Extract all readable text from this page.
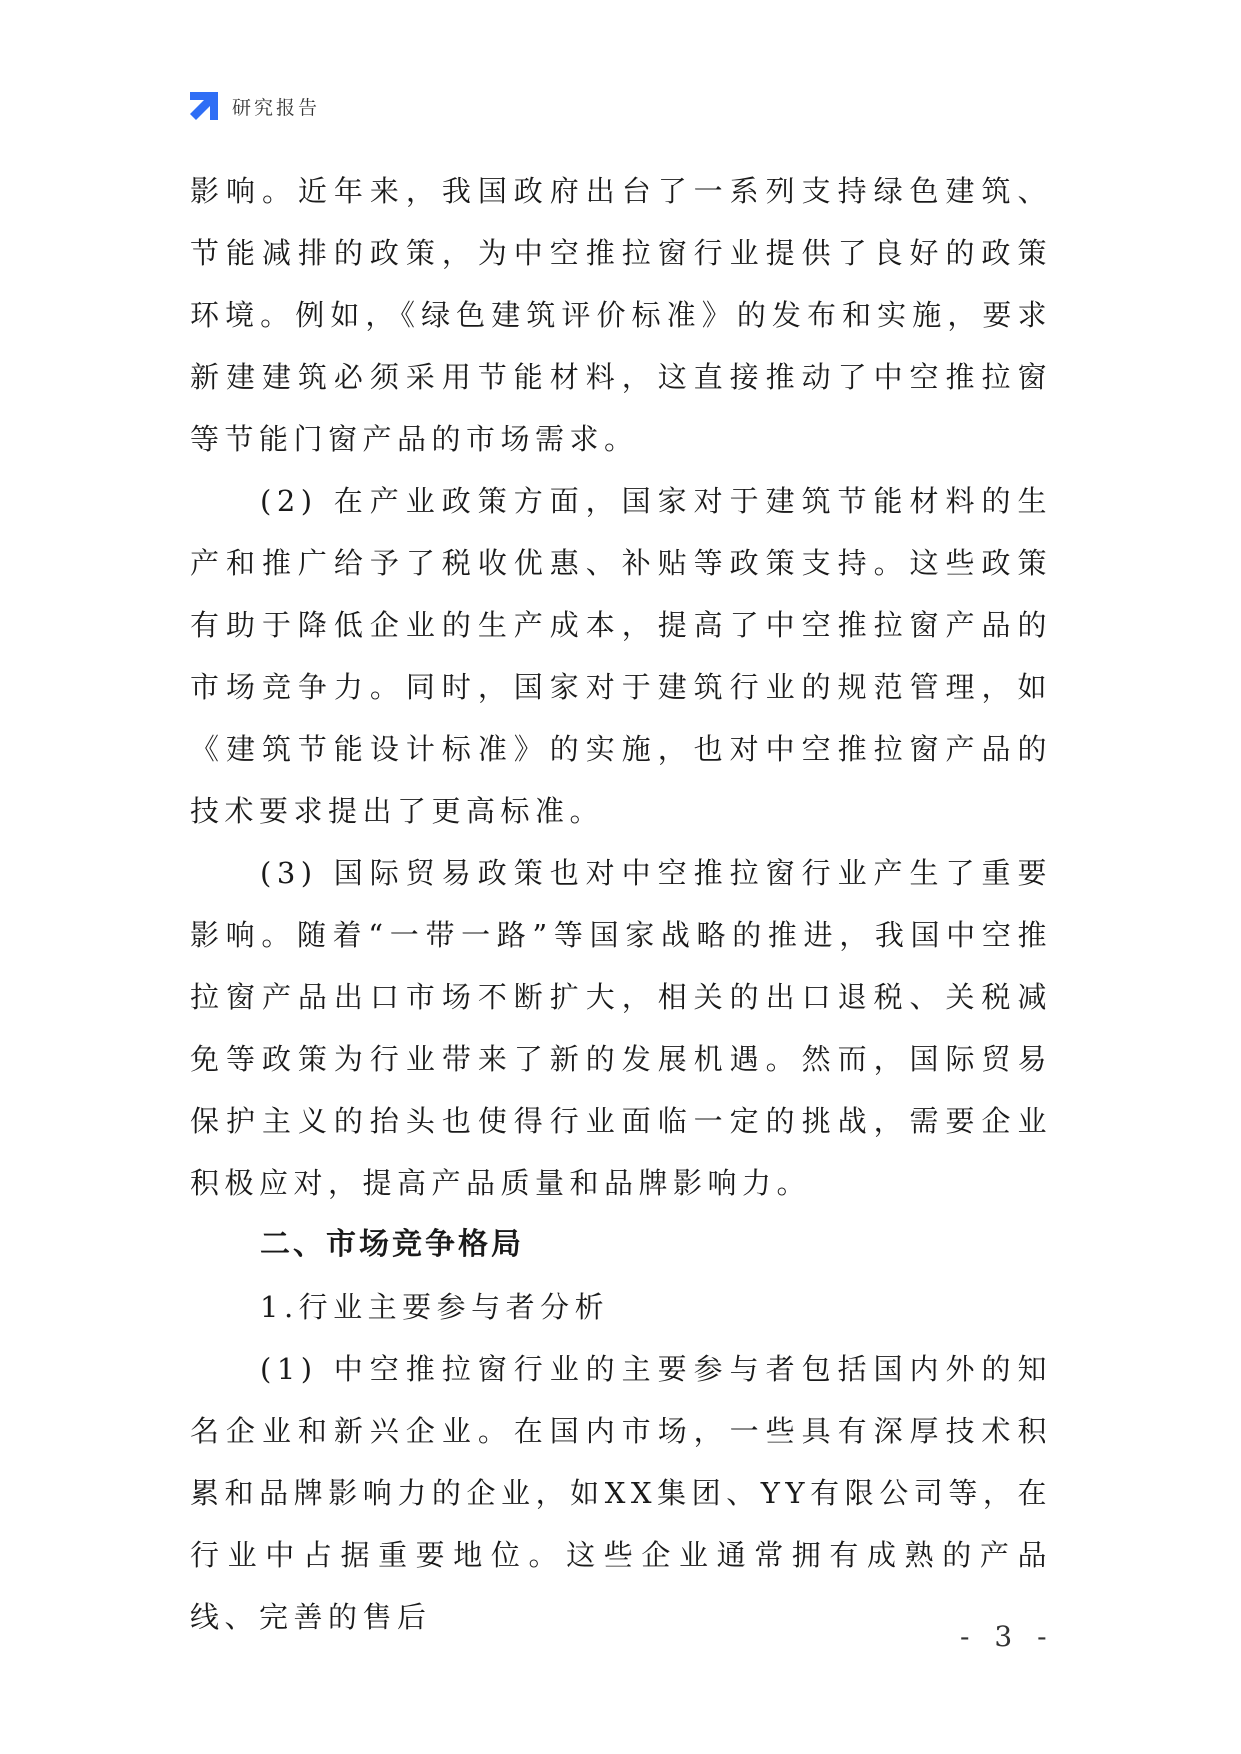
研究报告

影响。近年来，我国政府出台了一系列支持绿色建筑、节能减排的政策，为中空推拉窗行业提供了良好的政策环境。例如，《绿色建筑评价标准》的发布和实施，要求新建建筑必须采用节能材料，这直接推动了中空推拉窗等节能门窗产品的市场需求。

(2) 在产业政策方面，国家对于建筑节能材料的生产和推广给予了税收优惠、补贴等政策支持。这些政策有助于降低企业的生产成本，提高了中空推拉窗产品的市场竞争力。同时，国家对于建筑行业的规范管理，如《建筑节能设计标准》的实施，也对中空推拉窗产品的技术要求提出了更高标准。

(3) 国际贸易政策也对中空推拉窗行业产生了重要影响。随着“一带一路”等国家战略的推进，我国中空推拉窗产品出口市场不断扩大，相关的出口退税、关税减免等政策为行业带来了新的发展机遇。然而，国际贸易保护主义的抬头也使得行业面临一定的挑战，需要企业积极应对，提高产品质量和品牌影响力。

二、市场竞争格局

1.行业主要参与者分析

(1) 中空推拉窗行业的主要参与者包括国内外的知名企业和新兴企业。在国内市场，一些具有深厚技术积累和品牌影响力的企业，如XX集团、YY有限公司等，在行业中占据重要地位。这些企业通常拥有成熟的产品线、完善的售后

- 3 -
